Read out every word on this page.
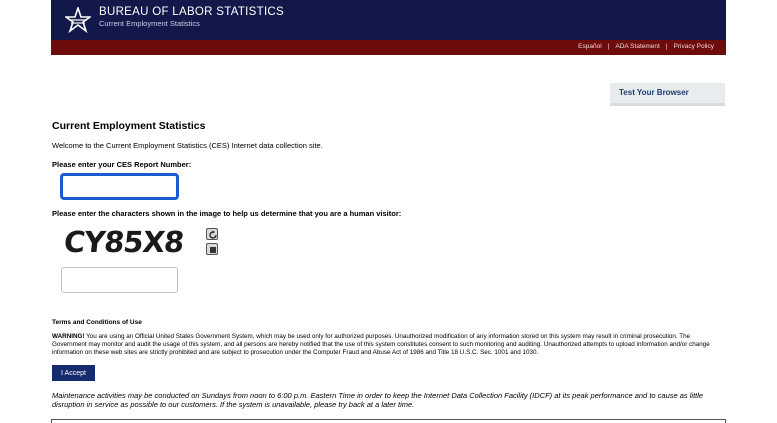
BUREAU OF LABOR STATISTICS
Current Employment Statistics
Español | ADA Statement | Privacy Policy
Test Your Browser
Current Employment Statistics
Welcome to the Current Employment Statistics (CES) Internet data collection site.
Please enter your CES Report Number:
Please enter the characters shown in the image to help us determine that you are a human visitor:
CY85X8
Terms and Conditions of Use
WARNING! You are using an Official United States Government System, which may be used only for authorized purposes. Unauthorized modification of any information stored on this system may result in criminal prosecution. The Government may monitor and audit the usage of this system, and all persons are hereby notified that the use of this system constitutes consent to such monitoring and auditing. Unauthorized attempts to upload information and/or change information on these web sites are strictly prohibited and are subject to prosecution under the Computer Fraud and Abuse Act of 1986 and Title 18 U.S.C. Sec. 1001 and 1030.
I Accept
Maintenance activities may be conducted on Sundays from noon to 6:00 p.m. Eastern Time in order to keep the Internet Data Collection Facility (IDCF) at its peak performance and to cause as little disruption in service as possible to our customers. If the system is unavailable, please try back at a later time.
